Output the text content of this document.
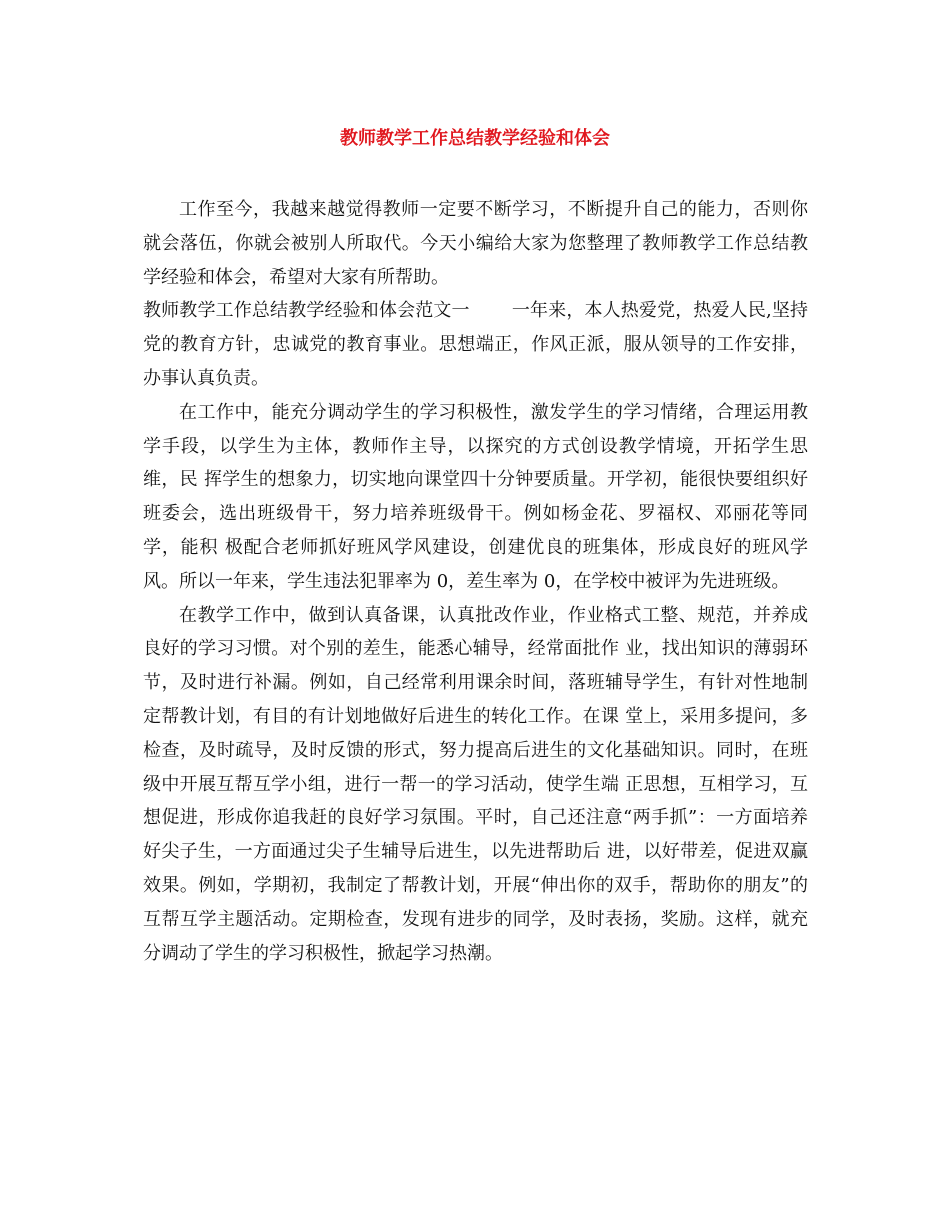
教师教学工作总结教学经验和体会

工作至今，我越来越觉得教师一定要不断学习，不断提升自己的能力，否则你就会落伍，你就会被别人所取代。今天小编给大家为您整理了教师教学工作总结教学经验和体会，希望对大家有所帮助。

教师教学工作总结教学经验和体会范文一 一年来，本人热爱党，热爱人民,坚持党的教育方针，忠诚党的教育事业。思想端正，作风正派，服从领导的工作安排，办事认真负责。

在工作中，能充分调动学生的学习积极性，激发学生的学习情绪，合理运用教学手段，以学生为主体，教师作主导，以探究的方式创设教学情境，开拓学生思维，民 挥学生的想象力，切实地向课堂四十分钟要质量。开学初，能很快要组织好班委会，选出班级骨干，努力培养班级骨干。例如杨金花、罗福权、邓丽花等同学，能积 极配合老师抓好班风学风建设，创建优良的班集体，形成良好的班风学风。所以一年来，学生违法犯罪率为 0，差生率为 0，在学校中被评为先进班级。

在教学工作中，做到认真备课，认真批改作业，作业格式工整、规范，并养成良好的学习习惯。对个别的差生，能悉心辅导，经常面批作 业，找出知识的薄弱环节，及时进行补漏。例如，自己经常利用课余时间，落班辅导学生，有针对性地制定帮教计划，有目的有计划地做好后进生的转化工作。在课 堂上，采用多提问，多检查，及时疏导，及时反馈的形式，努力提高后进生的文化基础知识。同时，在班级中开展互帮互学小组，进行一帮一的学习活动，使学生端 正思想，互相学习，互想促进，形成你追我赶的良好学习氛围。平时，自己还注意“两手抓”：一方面培养好尖子生，一方面通过尖子生辅导后进生，以先进帮助后 进，以好带差，促进双赢效果。例如，学期初，我制定了帮教计划，开展“伸出你的双手，帮助你的朋友”的互帮互学主题活动。定期检查，发现有进步的同学，及时表扬，奖励。这样，就充分调动了学生的学习积极性，掀起学习热潮。
